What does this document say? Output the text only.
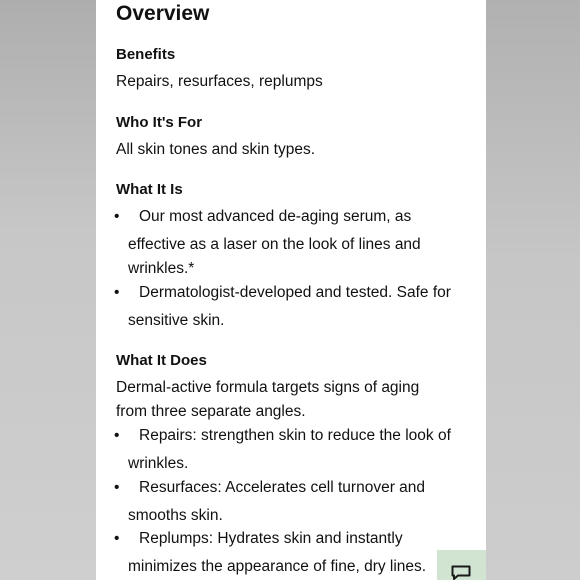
Overview
Benefits

Repairs, resurfaces, replumps

Who It's For

All skin tones and skin types.

What It Is
• Our most advanced de-aging serum, as
effective as a laser on the look of lines and
wrinkles.*
• Dermatologist-developed and tested. Safe for
sensitive skin.
What It Does

Dermal-active formula targets signs of aging

from three separate angles.

• Repairs: strengthen skin to reduce the look of
wrinkles.
• Resurfaces: Accelerates cell turnover and
smooths skin.
• Replumps: Hydrates skin and instantly
minimizes the appearance of fine, dry lines.
